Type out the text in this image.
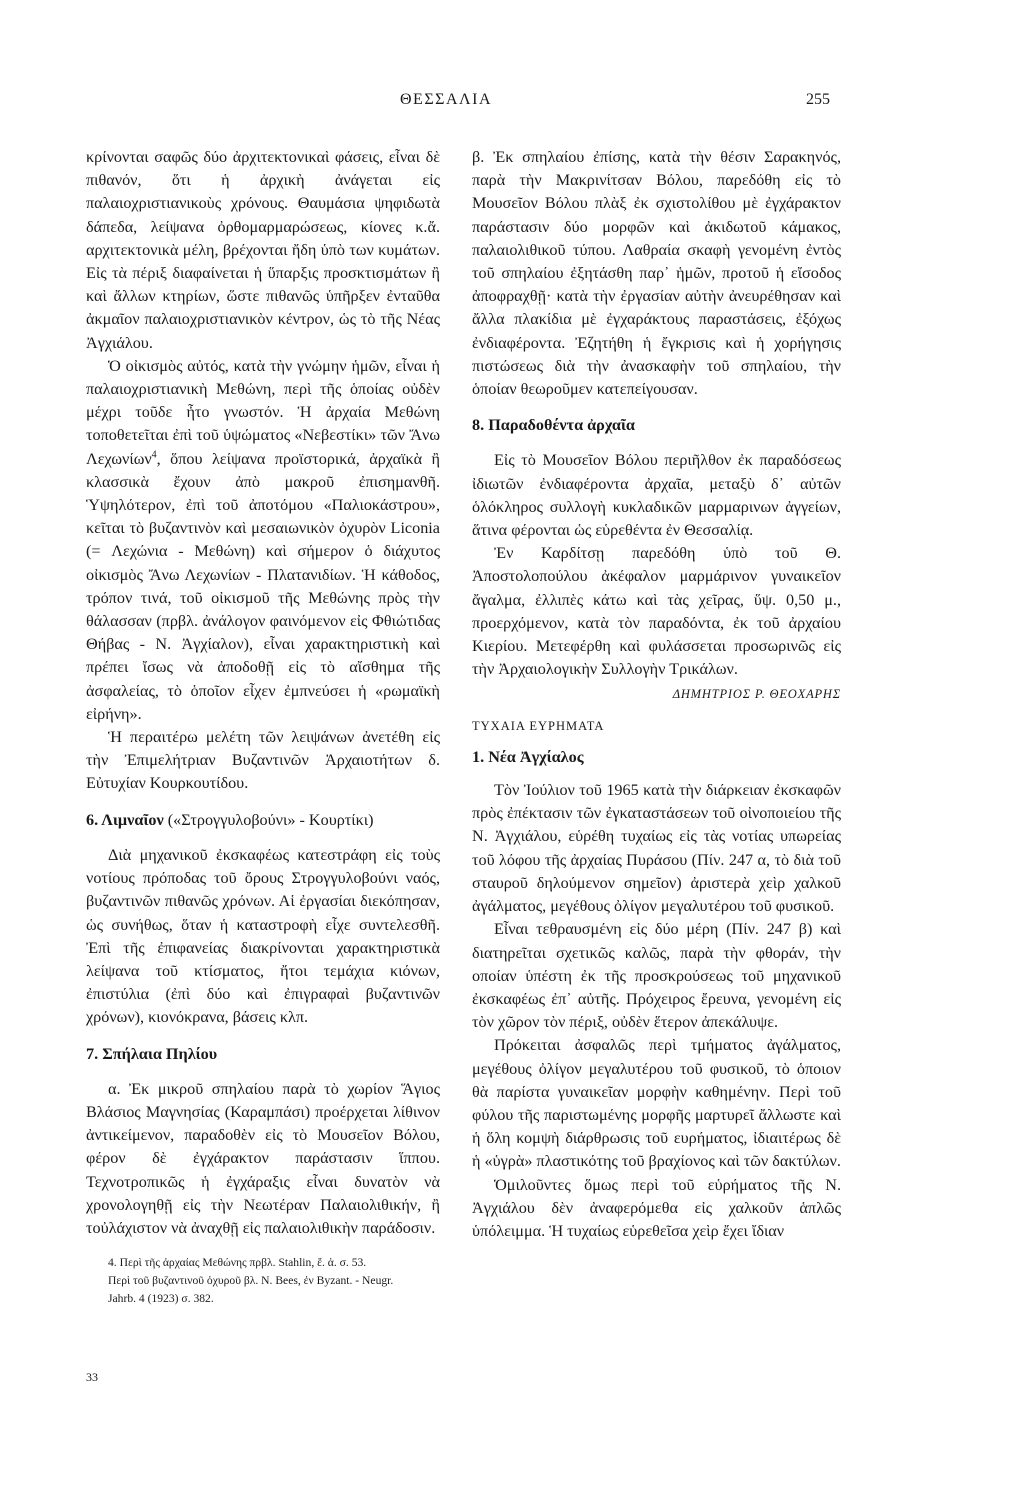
ΘΕΣΣΑΛΙΑ	255

κρίνονται σαφῶς δύο ἀρχιτεκτονικαὶ φάσεις, εἶναι δὲ πιθανόν, ὅτι ἡ ἀρχικὴ ἀνάγεται εἰς παλαιοχριστιανικοὺς χρόνους. Θαυμάσια ψηφιδωτὰ δάπεδα, λείψανα ὀρθομαρμαρώσεως, κίονες κ.ἄ. αρχιτεκτονικὰ μέλη, βρέχονται ἤδη ὑπὸ των κυμάτων. Εἰς τὰ πέριξ διαφαίνεται ἡ ὕπαρξις προσκτισμάτων ἢ καὶ ἄλλων κτηρίων, ὥστε πιθανῶς ὑπῆρξεν ἐνταῦθα ἀκμαῖον παλαιοχριστιανικὸν κέντρον, ὡς τὸ τῆς Νέας Ἀγχιάλου.

Ὁ οἰκισμὸς αὐτός, κατὰ τὴν γνώμην ἡμῶν, εἶναι ἡ παλαιοχριστιανικὴ Μεθώνη, περὶ τῆς ὁποίας οὐδὲν μέχρι τοῦδε ἦτο γνωστόν. Ἡ ἀρχαία Μεθώνη τοποθετεῖται ἐπὶ τοῦ ὑψώματος «Νεβεστίκι» τῶν Ἄνω Λεχωνίων$^4$, ὅπου λείψανα προϊστορικά, ἀρχαϊκὰ ἢ κλασσικὰ ἔχουν ἀπὸ μακροῦ ἐπισημανθῆ. Ὑψηλότερον, ἐπὶ τοῦ ἀποτόμου «Παλιοκάστρου», κεῖται τὸ βυζαντινὸν καὶ μεσαιωνικὸν ὀχυρὸν Liconia (= Λεχώνια - Μεθώνη) καὶ σήμερον ὁ διάχυτος οἰκισμὸς Ἄνω Λεχωνίων - Πλατανιδίων. Ἡ κάθοδος, τρόπον τινά, τοῦ οἰκισμοῦ τῆς Μεθώνης πρὸς τὴν θάλασσαν (πρβλ. ἀνάλογον φαινόμενον εἰς Φθιώτιδας Θήβας - Ν. Ἀγχίαλον), εἶναι χαρακτηριστικὴ καὶ πρέπει ἴσως νὰ ἀποδοθῇ εἰς τὸ αἴσθημα τῆς ἀσφαλείας, τὸ ὁποῖον εἶχεν ἐμπνεύσει ἡ «ρωμαϊκὴ εἰρήνη».

Ἡ περαιτέρω μελέτη τῶν λειψάνων ἀνετέθη εἰς τὴν Ἐπιμελήτριαν Βυζαντινῶν Ἀρχαιοτήτων δ. Εὐτυχίαν Κουρκουτίδου.

6. Λιμναῖον («Στρογγυλοβούνι» - Κουρτίκι)

Διὰ μηχανικοῦ ἐκσκαφέως κατεστράφη εἰς τοὺς νοτίους πρόποδας τοῦ ὄρους Στρογγυλοβούνι ναός, βυζαντινῶν πιθανῶς χρόνων. Αἱ ἐργασίαι διεκόπησαν, ὡς συνήθως, ὅταν ἡ καταστροφὴ εἶχε συντελεσθῆ. Ἐπὶ τῆς ἐπιφανείας διακρίνονται χαρακτηριστικὰ λείψανα τοῦ κτίσματος, ἤτοι τεμάχια κιόνων, ἐπιστύλια (ἐπὶ δύο καὶ ἐπιγραφαὶ βυζαντινῶν χρόνων), κιονόκρανα, βάσεις κλπ.

7. Σπήλαια Πηλίου

α. Ἐκ μικροῦ σπηλαίου παρὰ τὸ χωρίον Ἅγιος Βλάσιος Μαγνησίας (Καραμπάσι) προέρχεται λίθινον ἀντικείμενον, παραδοθὲν εἰς τὸ Μουσεῖον Βόλου, φέρον δὲ ἐγχάρακτον παράστασιν ἵππου. Τεχνοτροπικῶς ἡ ἐγχάραξις εἶναι δυνατὸν νὰ χρονολογηθῇ εἰς τὴν Νεωτέραν Παλαιολιθικήν, ἢ τοὐλάχιστον νὰ ἀναχθῇ εἰς παλαιολιθικὴν παράδοσιν.

4. Περὶ τῆς ἀρχαίας Μεθώνης πρβλ. Stahlin, ἔ. ἀ. σ. 53.
Περὶ τοῦ βυζαντινοῦ ὀχυροῦ βλ. N. Bees, ἐν Byzant. - Neugr.
Jahrb. 4 (1923) σ. 382.

β. Ἐκ σπηλαίου ἐπίσης, κατὰ τὴν θέσιν Σαρακηνός, παρὰ τὴν Μακρινίτσαν Βόλου, παρεδόθη εἰς τὸ Μουσεῖον Βόλου πλὰξ ἐκ σχιστολίθου μὲ ἐγχάρακτον παράστασιν δύο μορφῶν καὶ ἀκιδωτοῦ κάμακος, παλαιολιθικοῦ τύπου. Λαθραία σκαφὴ γενομένη ἐντὸς τοῦ σπηλαίου ἐξητάσθη παρ᾽ ἡμῶν, προτοῦ ἡ εἴσοδος ἀποφραχθῇ· κατὰ τὴν ἐργασίαν αὐτὴν ἀνευρέθησαν καὶ ἄλλα πλακίδια μὲ ἐγχαράκτους παραστάσεις, ἐξόχως ἐνδιαφέροντα. Ἐζητήθη ἡ ἔγκρισις καὶ ἡ χορήγησις πιστώσεως διὰ τὴν ἀνασκαφὴν τοῦ σπηλαίου, τὴν ὁποίαν θεωροῦμεν κατεπείγουσαν.

8. Παραδοθέντα ἀρχαῖα

Εἰς τὸ Μουσεῖον Βόλου περιῆλθον ἐκ παραδόσεως ἰδιωτῶν ἐνδιαφέροντα ἀρχαῖα, μεταξὺ δ᾽ αὐτῶν ὁλόκληρος συλλογὴ κυκλαδικῶν μαρμαρινων ἀγγείων, ἅτινα φέρονται ὡς εὑρεθέντα ἐν Θεσσαλίᾳ.

Ἐν Καρδίτσῃ παρεδόθη ὑπὸ τοῦ Θ. Ἀποστολοπούλου ἀκέφαλον μαρμάρινον γυναικεῖον ἄγαλμα, ἐλλιπὲς κάτω καὶ τὰς χεῖρας, ὕψ. 0,50 μ., προερχόμενον, κατὰ τὸν παραδόντα, ἐκ τοῦ ἀρχαίου Κιερίου. Μετεφέρθη καὶ φυλάσσεται προσωρινῶς εἰς τὴν Ἀρχαιολογικὴν Συλλογὴν Τρικάλων.

ΔΗΜΗΤΡΙΟΣ Ρ. ΘΕΟΧΑΡΗΣ
ΤΥΧΑΙΑ ΕΥΡΗΜΑΤΑ
1. Νέα Ἀγχίαλος

Τὸν Ἰούλιον τοῦ 1965 κατὰ τὴν διάρκειαν ἐκσκαφῶν πρὸς ἐπέκτασιν τῶν ἐγκαταστάσεων τοῦ οἰνοποιείου τῆς Ν. Ἀγχιάλου, εὑρέθη τυχαίως εἰς τὰς νοτίας υπωρείας τοῦ λόφου τῆς ἀρχαίας Πυράσου (Πίν. 247 α, τὸ διὰ τοῦ σταυροῦ δηλούμενον σημεῖον) ἀριστερὰ χεὶρ χαλκοῦ ἀγάλματος, μεγέθους ὀλίγον μεγαλυτέρου τοῦ φυσικοῦ.

Εἶναι τεθραυσμένη εἰς δύο μέρη (Πίν. 247 β) καὶ διατηρεῖται σχετικῶς καλῶς, παρὰ τὴν φθοράν, τὴν οποίαν ὑπέστη ἐκ τῆς προσκρούσεως τοῦ μηχανικοῦ ἐκσκαφέως ἐπ᾽ αὐτῆς. Πρόχειρος ἔρευνα, γενομένη εἰς τὸν χῶρον τὸν πέριξ, οὐδὲν ἕτερον ἀπεκάλυψε.

Πρόκειται ἀσφαλῶς περὶ τμήματος ἀγάλματος, μεγέθους ὀλίγον μεγαλυτέρου τοῦ φυσικοῦ, τὸ ὁποιον θὰ παρίστα γυναικεῖαν μορφὴν καθημένην. Περὶ τοῦ φύλου τῆς παριστωμένης μορφῆς μαρτυρεῖ ἄλλωστε καὶ ἡ ὅλη κομψὴ διάρθρωσις τοῦ ευρήματος, ἰδιαιτέρως δὲ ἡ «ὑγρὰ» πλαστικότης τοῦ βραχίονος καὶ τῶν δακτύλων.

Ὁμιλοῦντες ὅμως περὶ τοῦ εὑρήματος τῆς Ν. Ἀγχιάλου δὲν ἀναφερόμεθα εἰς χαλκοῦν ἁπλῶς ὑπόλειμμα. Ἡ τυχαίως εὑρεθεῖσα χεὶρ ἔχει ἴδιαν

33
